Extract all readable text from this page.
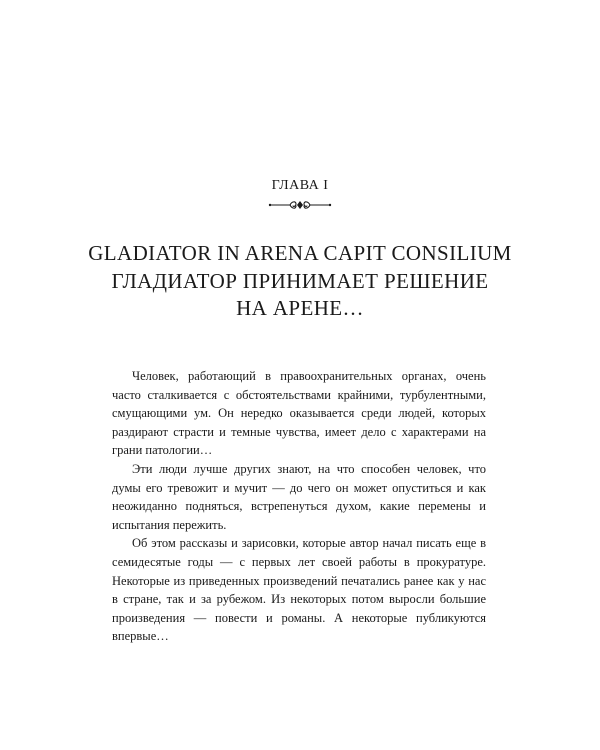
ГЛАВА I
GLADIATOR IN ARENA CAPIT CONSILIUM
ГЛАДИАТОР ПРИНИМАЕТ РЕШЕНИЕ
НА АРЕНЕ…

Человек, работающий в правоохранительных органах, очень часто сталкивается с обстоятельствами крайними, турбулентными, смущающими ум. Он нередко оказывается среди людей, которых раздирают страсти и темные чувства, имеет дело с характерами на грани патологии…

Эти люди лучше других знают, на что способен человек, что думы его тревожит и мучит — до чего он может опуститься и как неожиданно подняться, встрепенуться духом, какие перемены и испытания пережить.

Об этом рассказы и зарисовки, которые автор начал писать еще в семидесятые годы — с первых лет своей работы в прокуратуре. Некоторые из приведенных произведений печатались ранее как у нас в стране, так и за рубежом. Из некоторых потом выросли большие произведения — повести и романы. А некоторые публикуются впервые…
